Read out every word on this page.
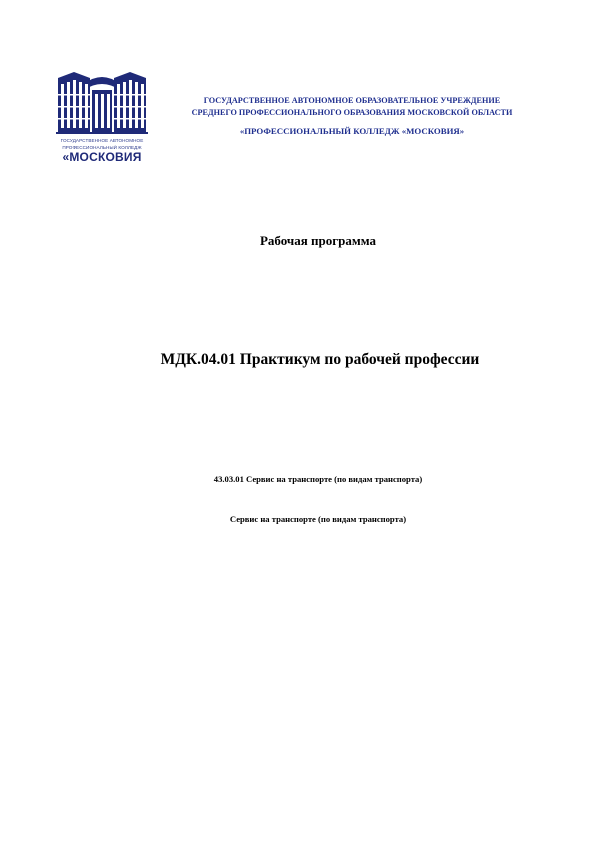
ГОСУДАРСТВЕННОЕ АВТОНОМНОЕ
ПРОФЕССИОНАЛЬНЫЙ КОЛЛЕДЖ
«МОСКОВИЯ
ГОСУДАРСТВЕННОЕ АВТОНОМНОЕ ОБРАЗОВАТЕЛЬНОЕ УЧРЕЖДЕНИЕ
СРЕДНЕГО ПРОФЕССИОНАЛЬНОГО ОБРАЗОВАНИЯ МОСКОВСКОЙ ОБЛАСТИ
«ПРОФЕССИОНАЛЬНЫЙ КОЛЛЕДЖ «МОСКОВИЯ»
Рабочая программа
МДК.04.01 Практикум по рабочей профессии
43.03.01 Сервис на транспорте (по видам транспорта)
Сервис на транспорте (по видам транспорта)
